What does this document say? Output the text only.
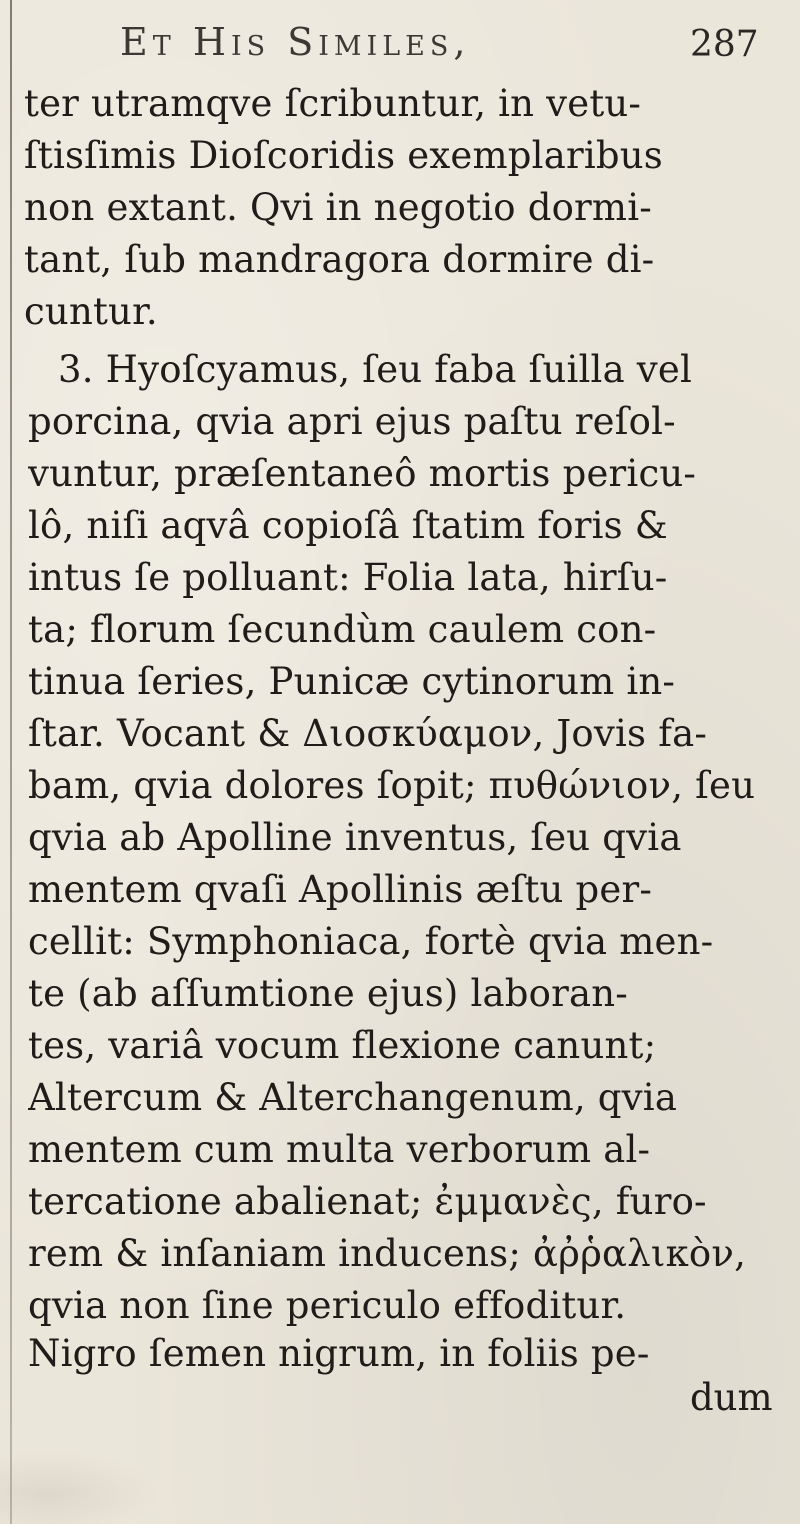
Et His Similes,	287
ter utramqve ſcribuntur, in vetu-
ſtisſimis Dioſcoridis exemplaribus
non extant. Qvi in negotio dormi-
tant, ſub mandragora dormire di-
cuntur.
3. Hyoſcyamus, ſeu faba ſuilla vel
porcina, qvia apri ejus paſtu reſol-
vuntur, præſentaneô mortis pericu-
lô, niſi aqvâ copioſâ ſtatim foris &
intus ſe polluant: Folia lata, hirſu-
ta; florum ſecundùm caulem con-
tinua ſeries, Punicæ cytinorum in-
ſtar. Vocant & Διοσκύαμον, Jovis fa-
bam, qvia dolores ſopit; πυθώνιον, ſeu
qvia ab Apolline inventus, ſeu qvia
mentem qvaſi Apollinis æſtu per-
cellit: Symphoniaca, fortè qvia men-
te (ab aſſumtione ejus) laboran-
tes, variâ vocum flexione canunt;
Altercum & Alterchangenum, qvia
mentem cum multa verborum al-
tercatione abalienat; ἐμμανὲς, furo-
rem & inſaniam inducens; ἀῤῥαλικὸν,
qvia non ſine periculo effoditur.
Nigro ſemen nigrum, in foliis pe-
dum
